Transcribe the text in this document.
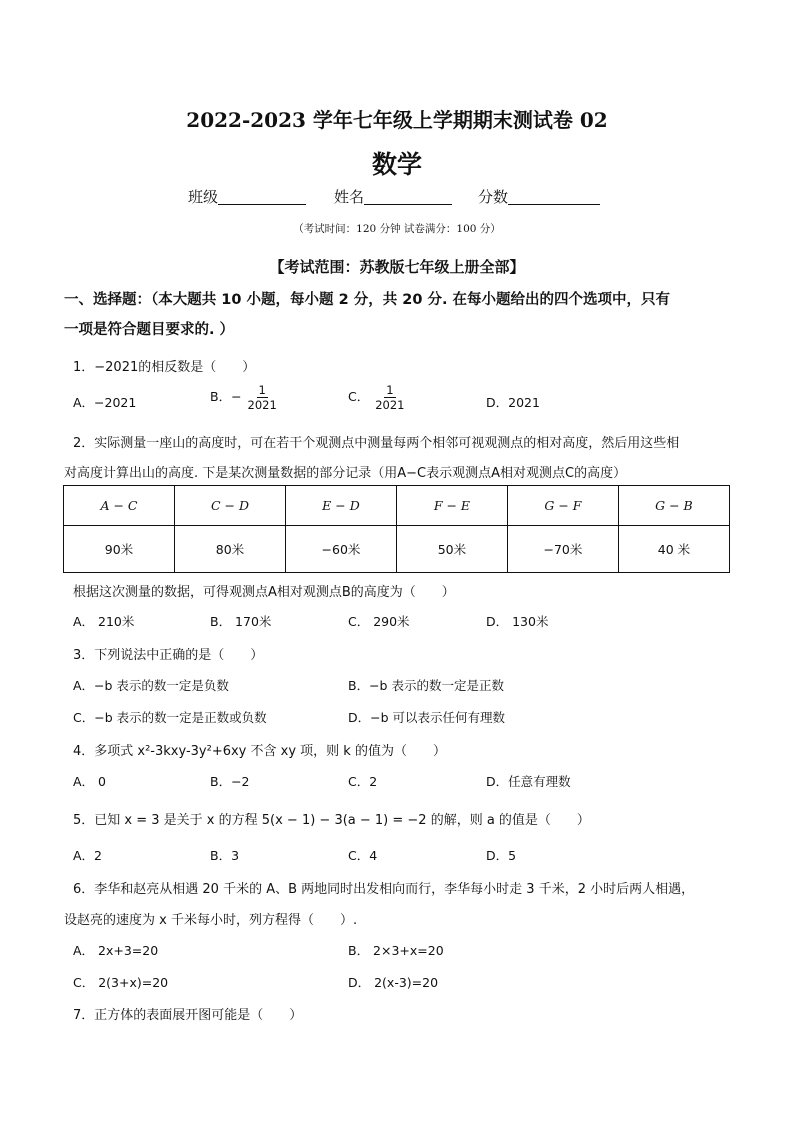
2022-2023 学年七年级上学期期末测试卷 02
数学
班级	姓名	分数
（考试时间：120 分钟 试卷满分：100 分）
【考试范围：苏教版七年级上册全部】
一、选择题：（本大题共 10 小题，每小题 2 分，共 20 分. 在每小题给出的四个选项中，只有
一项是符合题目要求的. ）
1．−2021的相反数是（　　）
A．−2021	B．− $\frac{1}{2021}$	C． $\frac{1}{2021}$	D．2021
2．实际测量一座山的高度时，可在若干个观测点中测量每两个相邻可视观测点的相对高度，然后用这些相
对高度计算出山的高度. 下是某次测量数据的部分记录（用A−C表示观测点A相对观测点C的高度）
A − C	C − D	E − D	F − E	G − F	G − B
90米	80米	−60米	50米	−70米	40 米
根据这次测量的数据，可得观测点A相对观测点B的高度为（　　）
A． 210米	B． 170米	C． 290米	D． 130米
3．下列说法中正确的是（　　）
A．−b 表示的数一定是负数	B．−b 表示的数一定是正数
C．−b 表示的数一定是正数或负数	D．−b 可以表示任何有理数
4．多项式 x²-3kxy-3y²+6xy 不含 xy 项，则 k 的值为（　　）
A． 0	B．−2	C．2	D．任意有理数
5．已知 x = 3 是关于 x 的方程 5(x − 1) − 3(a − 1) = −2 的解，则 a 的值是（　　）
A．2	B．3	C．4	D．5
6．李华和赵亮从相遇 20 千米的 A、B 两地同时出发相向而行，李华每小时走 3 千米，2 小时后两人相遇，
设赵亮的速度为 x 千米每小时，列方程得（　　）.
A． 2x+3=20	B． 2×3+x=20
C． 2(3+x)=20	D． 2(x-3)=20
7．正方体的表面展开图可能是（　　）
